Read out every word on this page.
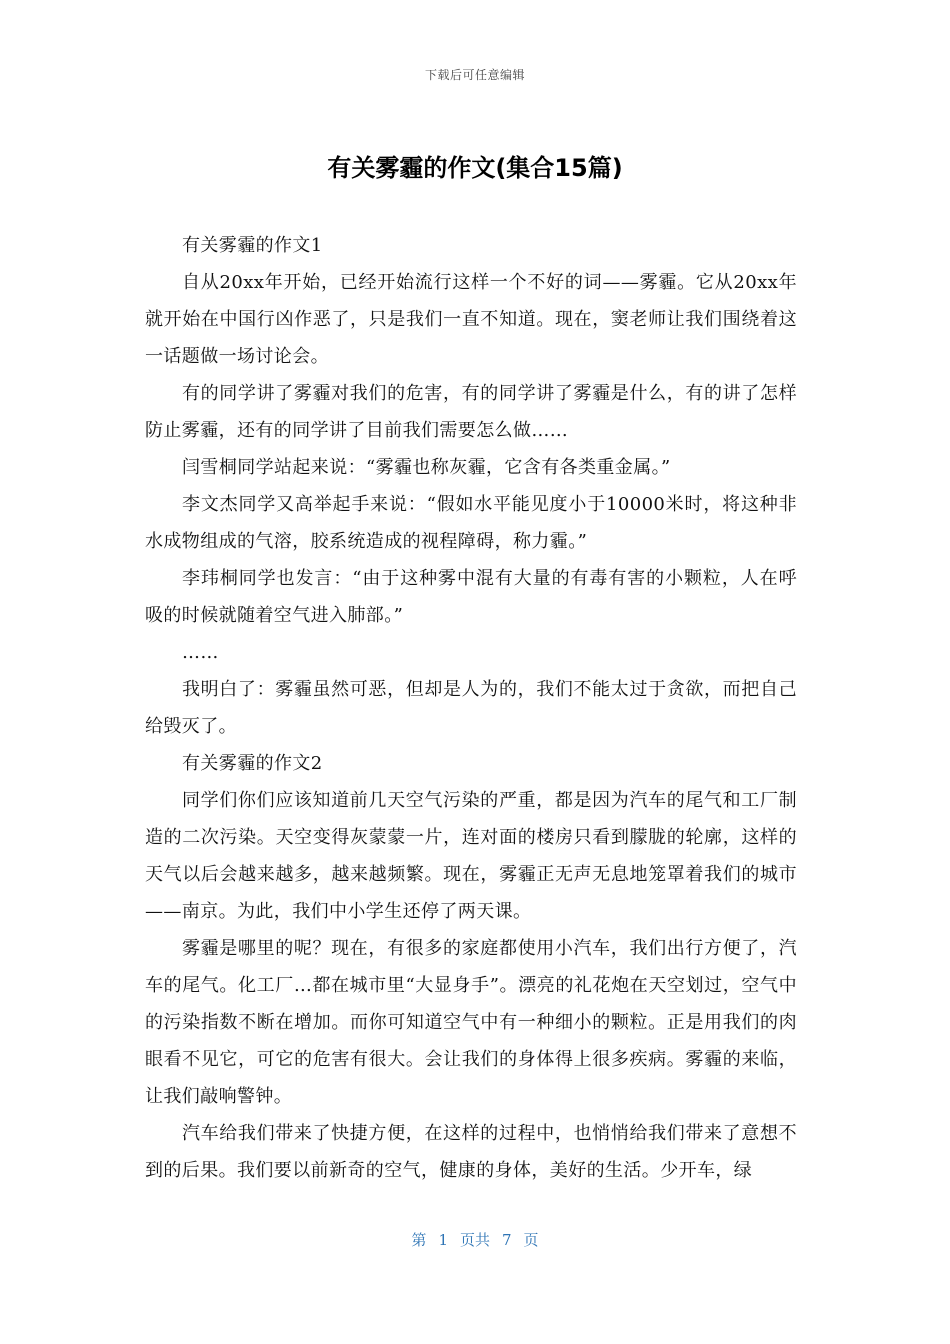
下载后可任意编辑
有关雾霾的作文(集合15篇)

有关雾霾的作文1

自从20xx年开始，已经开始流行这样一个不好的词——雾霾。它从20xx年就开始在中国行凶作恶了，只是我们一直不知道。现在，窦老师让我们围绕着这一话题做一场讨论会。

有的同学讲了雾霾对我们的危害，有的同学讲了雾霾是什么，有的讲了怎样防止雾霾，还有的同学讲了目前我们需要怎么做……

闫雪桐同学站起来说：“雾霾也称灰霾，它含有各类重金属。”

李文杰同学又高举起手来说：“假如水平能见度小于10000米时，将这种非水成物组成的气溶，胶系统造成的视程障碍，称力霾。”

李玮桐同学也发言：“由于这种雾中混有大量的有毒有害的小颗粒，人在呼吸的时候就随着空气进入肺部。”

……

我明白了：雾霾虽然可恶，但却是人为的，我们不能太过于贪欲，而把自己给毁灭了。

有关雾霾的作文2

同学们你们应该知道前几天空气污染的严重，都是因为汽车的尾气和工厂制造的二次污染。天空变得灰蒙蒙一片，连对面的楼房只看到朦胧的轮廓，这样的天气以后会越来越多，越来越频繁。现在，雾霾正无声无息地笼罩着我们的城市——南京。为此，我们中小学生还停了两天课。

雾霾是哪里的呢？现在，有很多的家庭都使用小汽车，我们出行方便了，汽车的尾气。化工厂…都在城市里“大显身手”。漂亮的礼花炮在天空划过，空气中的污染指数不断在增加。而你可知道空气中有一种细小的颗粒。正是用我们的肉眼看不见它，可它的危害有很大。会让我们的身体得上很多疾病。雾霾的来临，让我们敲响警钟。

汽车给我们带来了快捷方便，在这样的过程中，也悄悄给我们带来了意想不到的后果。我们要以前新奇的空气，健康的身体，美好的生活。少开车，绿

第 1 页共 7 页
